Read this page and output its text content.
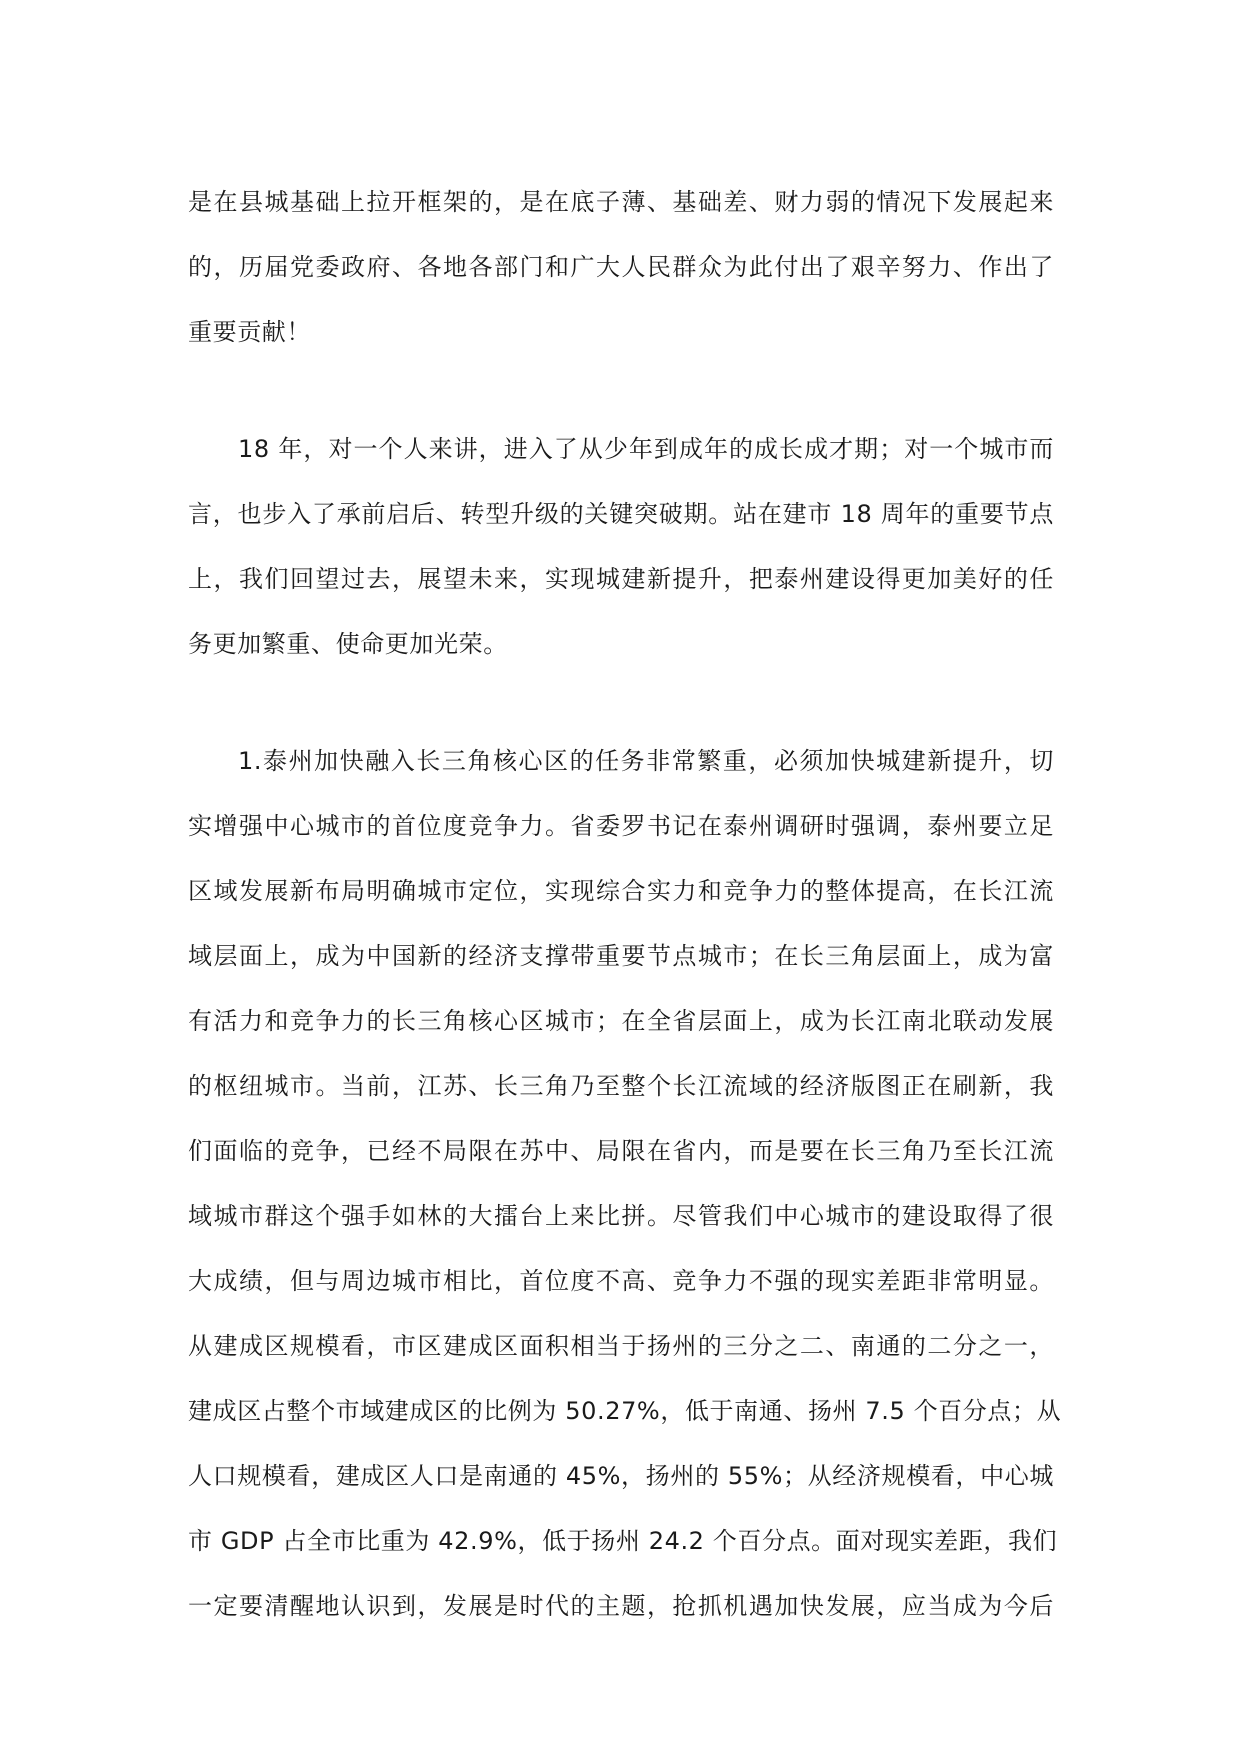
是在县城基础上拉开框架的，是在底子薄、基础差、财力弱的情况下发展起来
的，历届党委政府、各地各部门和广大人民群众为此付出了艰辛努力、作出了
重要贡献！
18 年，对一个人来讲，进入了从少年到成年的成长成才期；对一个城市而
言，也步入了承前启后、转型升级的关键突破期。站在建市 18 周年的重要节点
上，我们回望过去，展望未来，实现城建新提升，把泰州建设得更加美好的任
务更加繁重、使命更加光荣。
1.泰州加快融入长三角核心区的任务非常繁重，必须加快城建新提升，切
实增强中心城市的首位度竞争力。省委罗书记在泰州调研时强调，泰州要立足
区域发展新布局明确城市定位，实现综合实力和竞争力的整体提高，在长江流
域层面上，成为中国新的经济支撑带重要节点城市；在长三角层面上，成为富
有活力和竞争力的长三角核心区城市；在全省层面上，成为长江南北联动发展
的枢纽城市。当前，江苏、长三角乃至整个长江流域的经济版图正在刷新，我
们面临的竞争，已经不局限在苏中、局限在省内，而是要在长三角乃至长江流
域城市群这个强手如林的大擂台上来比拼。尽管我们中心城市的建设取得了很
大成绩，但与周边城市相比，首位度不高、竞争力不强的现实差距非常明显。
从建成区规模看，市区建成区面积相当于扬州的三分之二、南通的二分之一，
建成区占整个市域建成区的比例为 50.27%，低于南通、扬州 7.5 个百分点；从
人口规模看，建成区人口是南通的 45%，扬州的 55%；从经济规模看，中心城
市 GDP 占全市比重为 42.9%，低于扬州 24.2 个百分点。面对现实差距，我们
一定要清醒地认识到，发展是时代的主题，抢抓机遇加快发展，应当成为今后
